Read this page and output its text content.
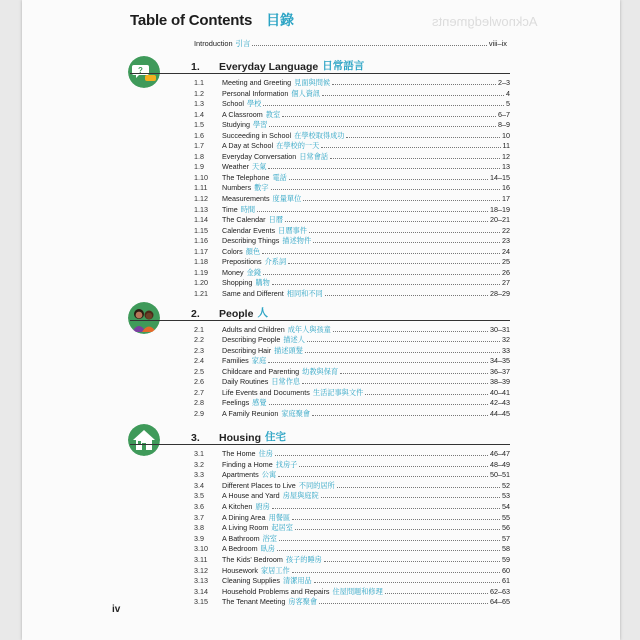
Acknowledgments
Table of Contents 目錄
Introduction 引言	viii–ix
?	1.	Everyday Language 日常語言
1.1	Meeting and Greeting 見面與問候	2–3
1.2	Personal Information 個人資訊	4
1.3	School 學校	5
1.4	A Classroom 教室	6–7
1.5	Studying 學習	8–9
1.6	Succeeding in School 在學校取得成功	10
1.7	A Day at School 在學校的一天	11
1.8	Everyday Conversation 日常會話	12
1.9	Weather 天氣	13
1.10	The Telephone 電話	14–15
1.11	Numbers 數字	16
1.12	Measurements 度量單位	17
1.13	Time 時間	18–19
1.14	The Calendar 日曆	20–21
1.15	Calendar Events 日曆事件	22
1.16	Describing Things 描述物件	23
1.17	Colors 顏色	24
1.18	Prepositions 介系詞	25
1.19	Money 金錢	26
1.20	Shopping 購物	27
1.21	Same and Different 相同和不同	28–29
2.	People 人
2.1	Adults and Children 成年人與孩童	30–31
2.2	Describing People 描述人	32
2.3	Describing Hair 描述頭髮	33
2.4	Families 家庭	34–35
2.5	Childcare and Parenting 幼教與保育	36–37
2.6	Daily Routines 日常作息	38–39
2.7	Life Events and Documents 生活記事與文件	40–41
2.8	Feelings 感覺	42–43
2.9	A Family Reunion 家庭聚會	44–45
3.	Housing 住宅
3.1	The Home 住房	46–47
3.2	Finding a Home 找房子	48–49
3.3	Apartments 公寓	50–51
3.4	Different Places to Live 不同的居所	52
3.5	A House and Yard 房屋與庭院	53
3.6	A Kitchen 廚房	54
3.7	A Dining Area 用餐區	55
3.8	A Living Room 起居室	56
3.9	A Bathroom 浴室	57
3.10	A Bedroom 臥房	58
3.11	The Kids' Bedroom 孩子的睡房	59
3.12	Housework 家居工作	60
3.13	Cleaning Supplies 清潔用品	61
3.14	Household Problems and Repairs 住屋問題和修理	62–63
3.15	The Tenant Meeting 房客聚會	64–65
iv
